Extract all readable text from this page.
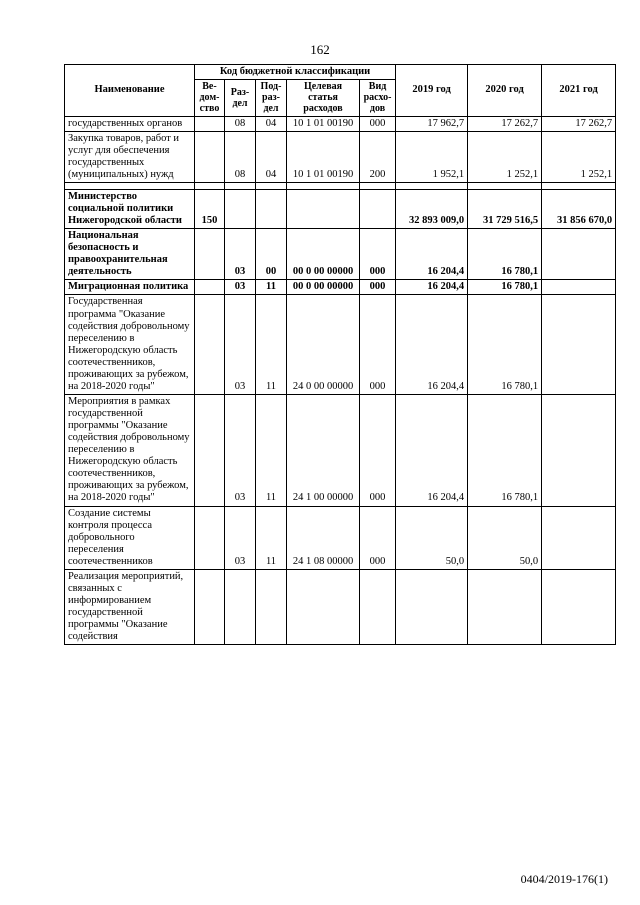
162
Наименование	Код бюджетной классификации					2019 год	2020 год	2021 год
	Ве-дом-ство	Раз-дел	Под-раз-дел	Целевая статья расходов	Вид расхо-дов			
государственных органов		08	04	10 1 01 00190	000	17 962,7	17 262,7	17 262,7
Закупка товаров, работ и услуг для обеспечения государственных (муниципальных) нужд		08	04	10 1 01 00190	200	1 952,1	1 252,1	1 252,1

Министерство социальной политики Нижегородской области	150					32 893 009,0	31 729 516,5	31 856 670,0
Национальная безопасность и правоохранительная деятельность		03	00	00 0 00 00000	000	16 204,4	16 780,1	
Миграционная политика		03	11	00 0 00 00000	000	16 204,4	16 780,1	
Государственная программа "Оказание содействия добровольному переселению в Нижегородскую область соотечественников, проживающих за рубежом, на 2018-2020 годы"		03	11	24 0 00 00000	000	16 204,4	16 780,1	
Мероприятия в рамках государственной программы "Оказание содействия добровольному переселению в Нижегородскую область соотечественников, проживающих за рубежом, на 2018-2020 годы"		03	11	24 1 00 00000	000	16 204,4	16 780,1	
Создание системы контроля процесса добровольного переселения соотечественников		03	11	24 1 08 00000	000	50,0	50,0	
Реализация мероприятий, связанных с информированием государственной программы "Оказание содействия								
0404/2019-176(1)
